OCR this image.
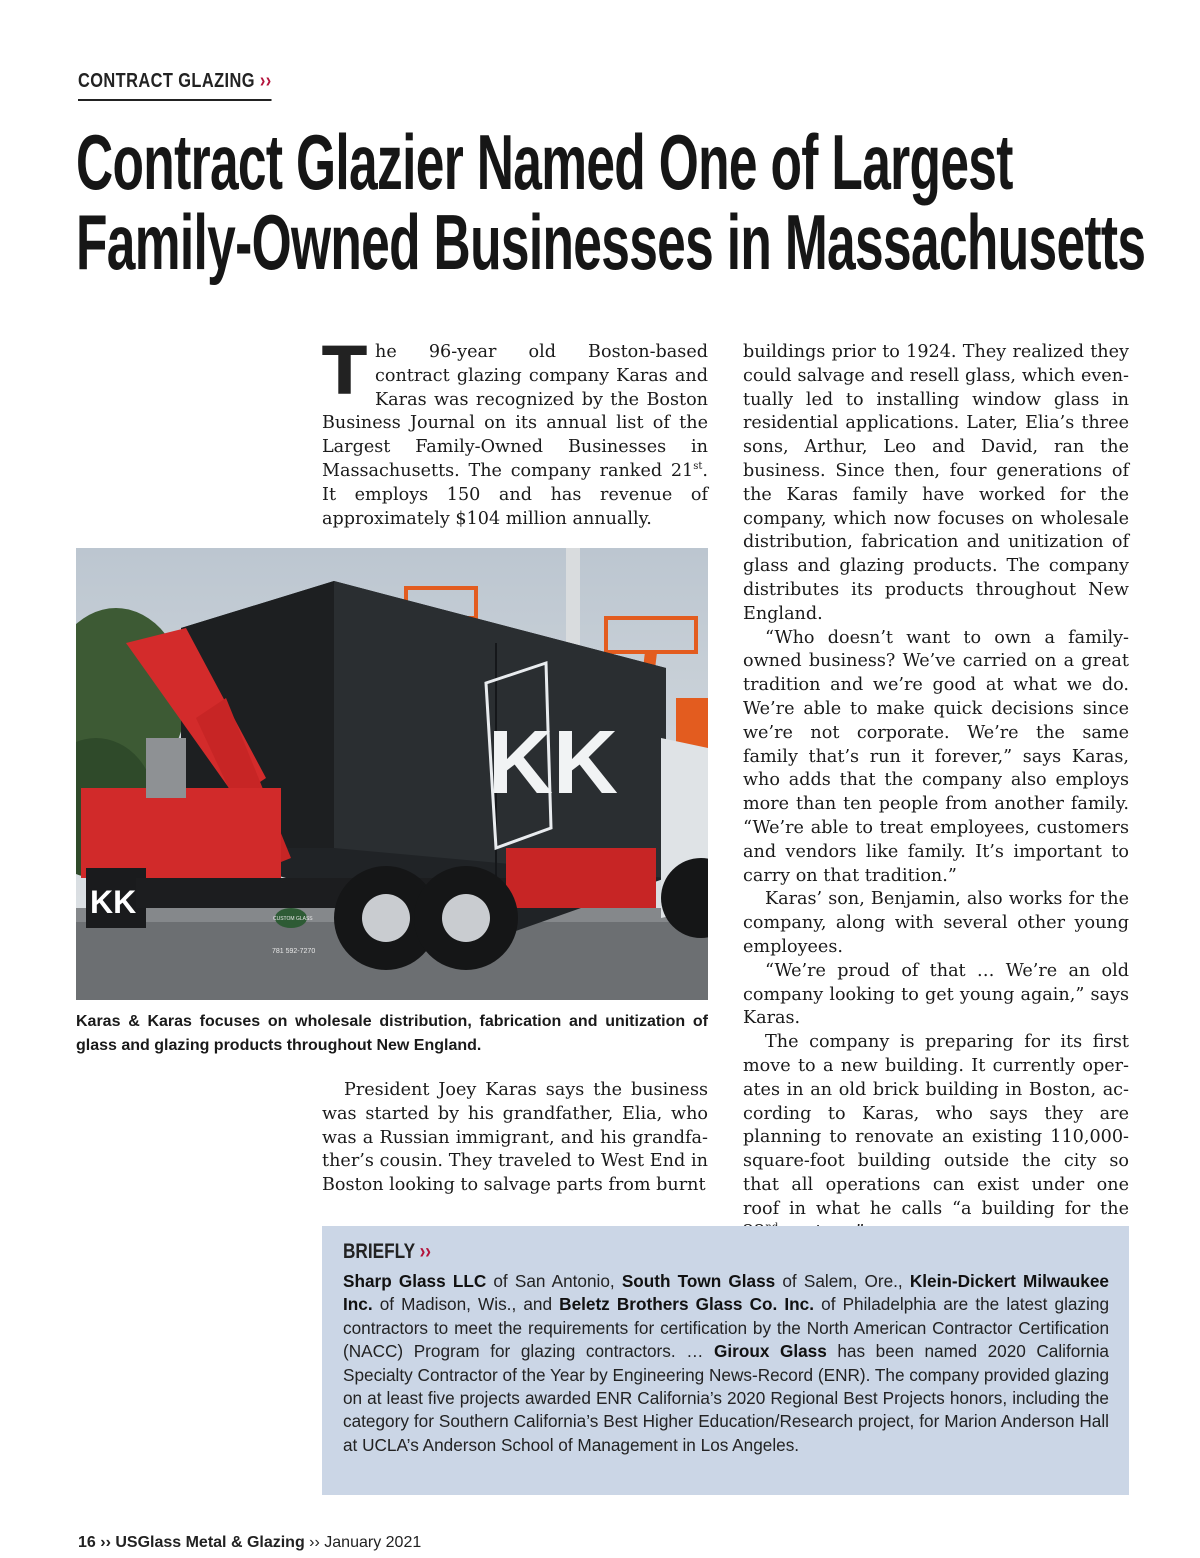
CONTRACT GLAZING ››
Contract Glazier Named One of Largest
Family-Owned Businesses in Massachusetts

The 96-year old Boston-based contract glazing company Karas and Karas was recognized by the Boston Business Journal on its annual list of the Largest Family-Owned Businesses in Massachusetts. The company ranked 21st. It employs 150 and has revenue of approximately $104 million annually.

KK
KK	CUSTOM GLASS
781 592-7270
Karas & Karas focuses on wholesale distribution, fabrication and unitization of glass and glazing products throughout New England.

President Joey Karas says the business was started by his grandfather, Elia, who was a Russian immigrant, and his grandfather’s cousin. They traveled to West End in Boston looking to salvage parts from burnt

buildings prior to 1924. They realized they could salvage and resell glass, which eventually led to installing window glass in residential applications. Later, Elia’s three sons, Arthur, Leo and David, ran the business. Since then, four generations of the Karas family have worked for the company, which now focuses on wholesale distribution, fabrication and unitization of glass and glazing products. The company distributes its products throughout New England.

“Who doesn’t want to own a family-owned business? We’ve carried on a great tradition and we’re good at what we do. We’re able to make quick decisions since we’re not corporate. We’re the same family that’s run it forever,” says Karas, who adds that the company also employs more than ten people from another family. “We’re able to treat employees, customers and vendors like family. It’s important to carry on that tradition.”

Karas’ son, Benjamin, also works for the company, along with several other young employees.

“We’re proud of that … We’re an old company looking to get young again,” says Karas.

The company is preparing for its first move to a new building. It currently operates in an old brick building in Boston, according to Karas, who says they are planning to renovate an existing 110,000-square-foot building outside the city so that all operations can exist under one roof in what he calls “a building for the

BRIEFLY ››
Sharp Glass LLC of San Antonio, South Town Glass of Salem, Ore., Klein-Dickert Milwaukee Inc. of Madison, Wis., and Beletz Brothers Glass Co. Inc. of Philadelphia are the latest glazing contractors to meet the requirements for certification by the North American Contractor Certification (NACC) Program for glazing contractors. … Giroux Glass has been named 2020 California Specialty Contractor of the Year by Engineering News-Record (ENR). The company provided glazing on at least five projects awarded ENR California’s 2020 Regional Best Projects honors, including the category for Southern California’s Best Higher Education/Research project, for Marion Anderson Hall at UCLA’s Anderson School of Management in Los Angeles.
16 ›› USGlass Metal & Glazing ›› January 2021
